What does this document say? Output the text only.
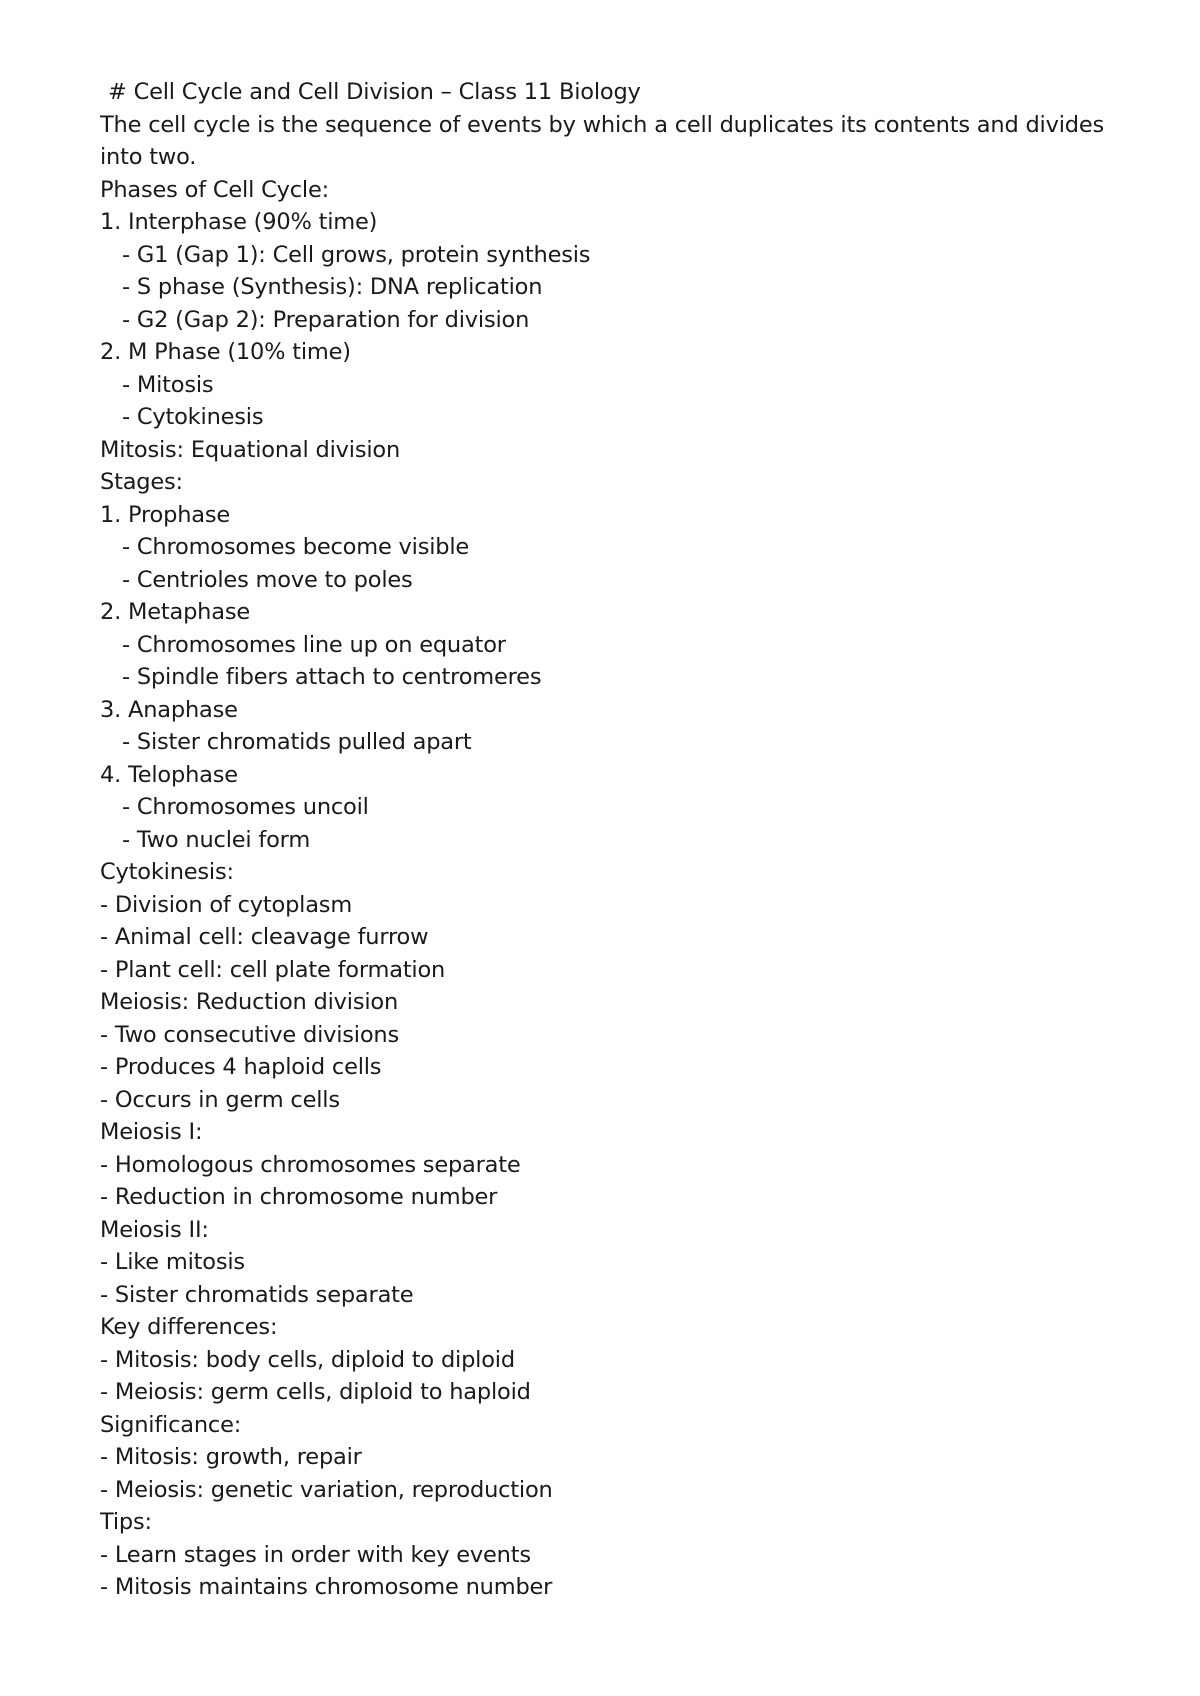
# Cell Cycle and Cell Division – Class 11 Biology

The cell cycle is the sequence of events by which a cell duplicates its contents and divides into two.

Phases of Cell Cycle:

1. Interphase (90% time)

- G1 (Gap 1): Cell grows, protein synthesis

- S phase (Synthesis): DNA replication

- G2 (Gap 2): Preparation for division

2. M Phase (10% time)

- Mitosis

- Cytokinesis

Mitosis: Equational division

Stages:

1. Prophase

- Chromosomes become visible

- Centrioles move to poles

2. Metaphase

- Chromosomes line up on equator

- Spindle fibers attach to centromeres

3. Anaphase

- Sister chromatids pulled apart

4. Telophase

- Chromosomes uncoil

- Two nuclei form

Cytokinesis:

- Division of cytoplasm

- Animal cell: cleavage furrow

- Plant cell: cell plate formation

Meiosis: Reduction division

- Two consecutive divisions

- Produces 4 haploid cells

- Occurs in germ cells

Meiosis I:

- Homologous chromosomes separate

- Reduction in chromosome number

Meiosis II:

- Like mitosis

- Sister chromatids separate

Key differences:

- Mitosis: body cells, diploid to diploid

- Meiosis: germ cells, diploid to haploid

Significance:

- Mitosis: growth, repair

- Meiosis: genetic variation, reproduction

Tips:

- Learn stages in order with key events

- Mitosis maintains chromosome number
